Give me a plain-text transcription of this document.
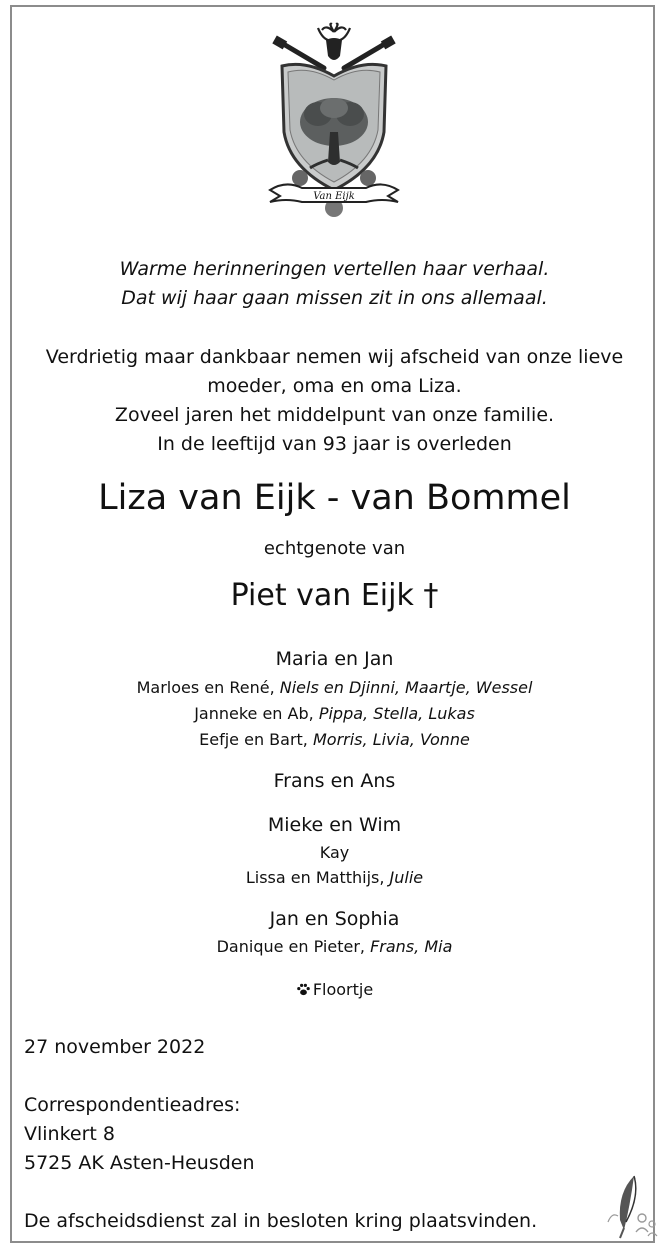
Van Eijk
Warme herinneringen vertellen haar verhaal.
Dat wij haar gaan missen zit in ons allemaal.
Verdrietig maar dankbaar nemen wij afscheid van onze lieve
moeder, oma en oma Liza.
Zoveel jaren het middelpunt van onze familie.
In de leeftijd van 93 jaar is overleden
Liza van Eijk - van Bommel
echtgenote van
Piet van Eijk †
Maria en Jan
Marloes en René, Niels en Djinni, Maartje, Wessel
Janneke en Ab, Pippa, Stella, Lukas
Eefje en Bart, Morris, Livia, Vonne
Frans en Ans
Mieke en Wim
Kay
Lissa en Matthijs, Julie
Jan en Sophia
Danique en Pieter, Frans, Mia
Floortje
27 november 2022
Correspondentieadres:
Vlinkert 8
5725 AK Asten-Heusden
De afscheidsdienst zal in besloten kring plaatsvinden.
